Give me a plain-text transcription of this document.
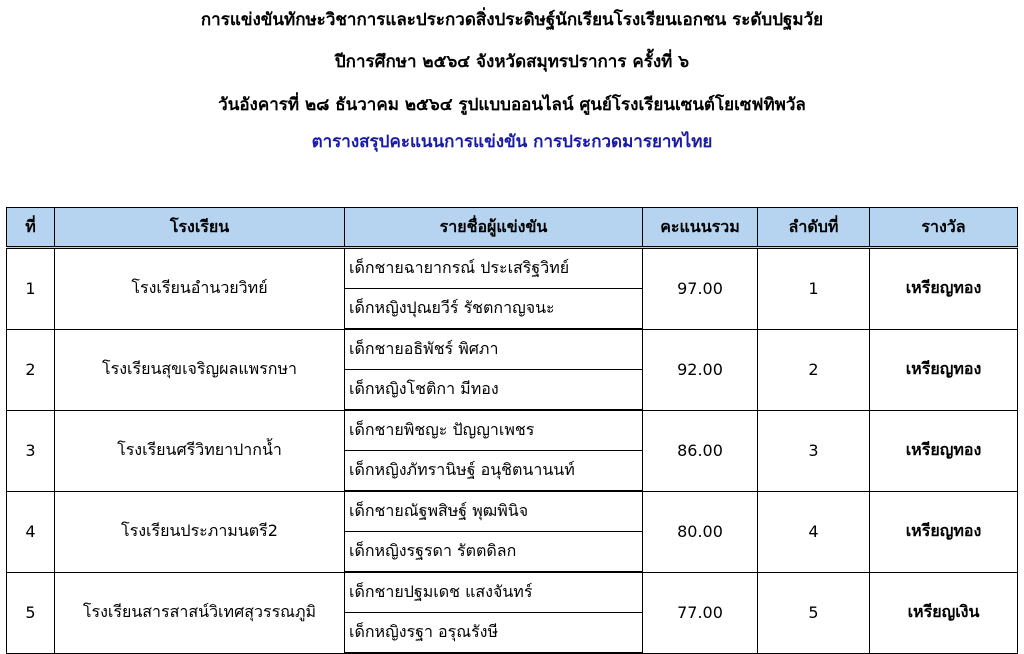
การแข่งขันทักษะวิชาการและประกวดสิ่งประดิษฐ์นักเรียนโรงเรียนเอกชน ระดับปฐมวัย
ปีการศึกษา ๒๕๖๔ จังหวัดสมุทรปราการ ครั้งที่ ๖
วันอังคารที่ ๒๘ ธันวาคม ๒๕๖๔ รูปแบบออนไลน์ ศูนย์โรงเรียนเซนต์โยเซฟทิพวัล
ตารางสรุปคะแนนการแข่งขัน การประกวดมารยาทไทย
ที่	โรงเรียน	รายชื่อผู้แข่งขัน	คะแนนรวม	ลำดับที่	รางวัล
1	โรงเรียนอำนวยวิทย์	เด็กชายฉายากรณ์ ประเสริฐวิทย์	97.00	1	เหรียญทอง
		เด็กหญิงปุณยวีร์ รัชตกาญจนะ			
2	โรงเรียนสุขเจริญผลแพรกษา	เด็กชายอธิพัชร์ พิศภา	92.00	2	เหรียญทอง
		เด็กหญิงโชติกา มีทอง			
3	โรงเรียนศรีวิทยาปากน้ำ	เด็กชายพิชญะ ปัญญาเพชร	86.00	3	เหรียญทอง
		เด็กหญิงภัทรานิษฐ์ อนุชิตนานนท์			
4	โรงเรียนประภามนตรี2	เด็กชายณัฐพสิษฐ์ พุฒพินิจ	80.00	4	เหรียญทอง
		เด็กหญิงรฐรดา รัตตดิลก			
5	โรงเรียนสารสาสน์วิเทศสุวรรณภูมิ	เด็กชายปฐมเดช แสงจันทร์	77.00	5	เหรียญเงิน
		เด็กหญิงรฐา อรุณรังษี			
